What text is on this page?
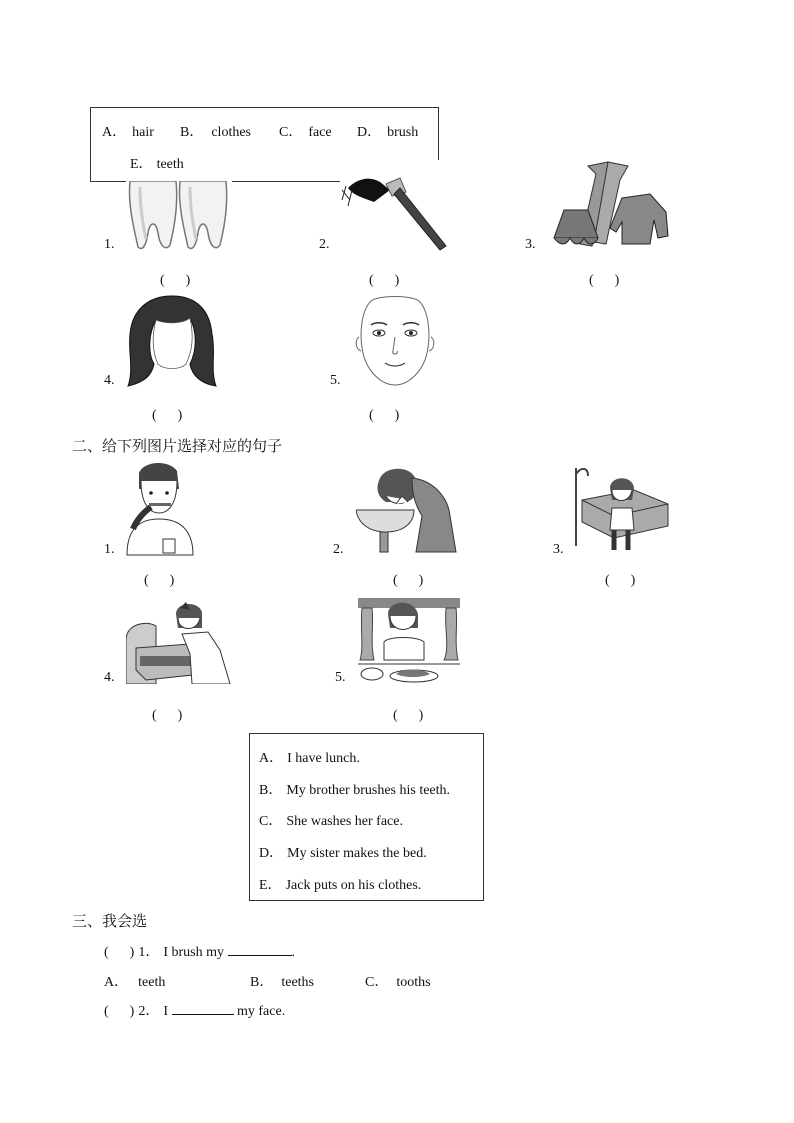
A． hair B． clothes C． face D． brush
E． teeth
1.
(      )
2.
(      )
3.
(      )
4.
(      )
5.
(      )
二、给下列图片选择对应的句子
1.
(      )
2.
(      )
3.
(      )
4.
(      )
5.
(      )
A． I have lunch.
B． My brother brushes his teeth.
C． She washes her face.
D． My sister makes the bed.
E． Jack puts on his clothes.
三、我会选
(      ) 1． I brush my	.
A． teeth	B． teeths	C． tooths
(      ) 2． I	my face.
